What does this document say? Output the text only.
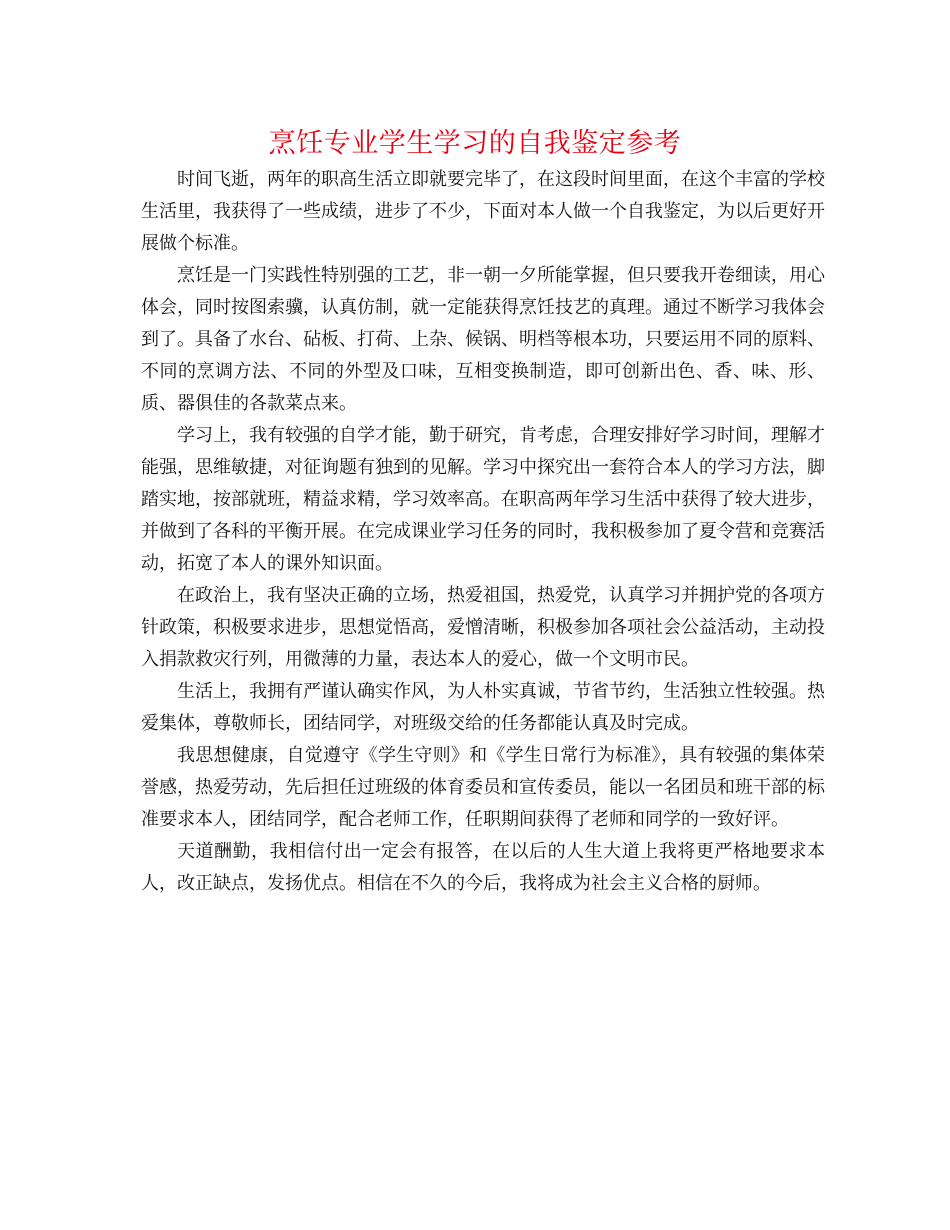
烹饪专业学生学习的自我鉴定参考

时间飞逝，两年的职高生活立即就要完毕了，在这段时间里面，在这个丰富的学校生活里，我获得了一些成绩，进步了不少，下面对本人做一个自我鉴定，为以后更好开展做个标准。

烹饪是一门实践性特别强的工艺，非一朝一夕所能掌握，但只要我开卷细读，用心体会，同时按图索骥，认真仿制，就一定能获得烹饪技艺的真理。通过不断学习我体会到了。具备了水台、砧板、打荷、上杂、候锅、明档等根本功，只要运用不同的原料、不同的烹调方法、不同的外型及口味，互相变换制造，即可创新出色、香、味、形、质、器俱佳的各款菜点来。

学习上，我有较强的自学才能，勤于研究，肯考虑，合理安排好学习时间，理解才能强，思维敏捷，对征询题有独到的见解。学习中探究出一套符合本人的学习方法，脚踏实地，按部就班，精益求精，学习效率高。在职高两年学习生活中获得了较大进步，并做到了各科的平衡开展。在完成课业学习任务的同时，我积极参加了夏令营和竞赛活动，拓宽了本人的课外知识面。

在政治上，我有坚决正确的立场，热爱祖国，热爱党，认真学习并拥护党的各项方针政策，积极要求进步，思想觉悟高，爱憎清晰，积极参加各项社会公益活动，主动投入捐款救灾行列，用微薄的力量，表达本人的爱心，做一个文明市民。

生活上，我拥有严谨认确实作风，为人朴实真诚，节省节约，生活独立性较强。热爱集体，尊敬师长，团结同学，对班级交给的任务都能认真及时完成。

我思想健康，自觉遵守《学生守则》和《学生日常行为标准》，具有较强的集体荣誉感，热爱劳动，先后担任过班级的体育委员和宣传委员，能以一名团员和班干部的标准要求本人，团结同学，配合老师工作，任职期间获得了老师和同学的一致好评。

天道酬勤，我相信付出一定会有报答，在以后的人生大道上我将更严格地要求本人，改正缺点，发扬优点。相信在不久的今后，我将成为社会主义合格的厨师。
